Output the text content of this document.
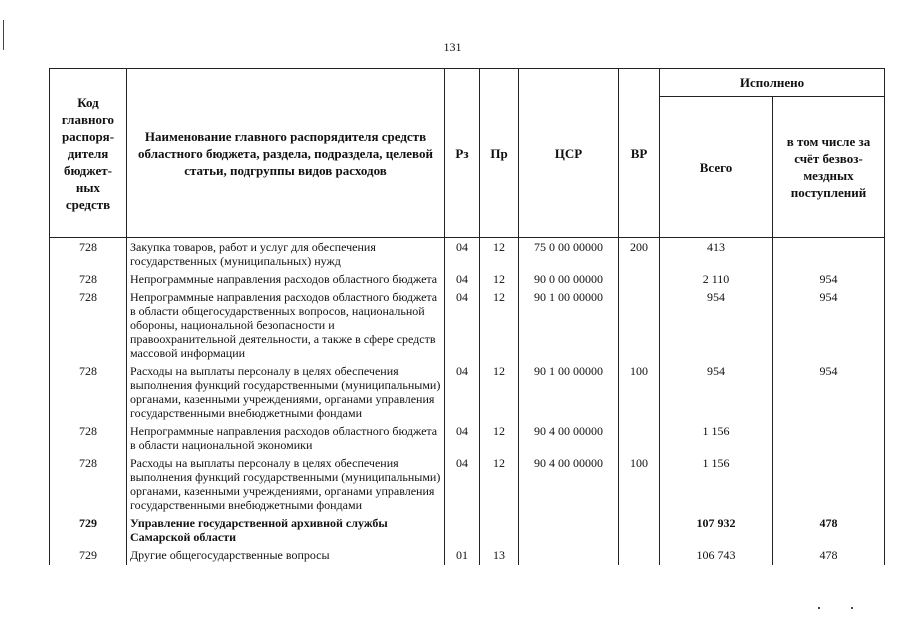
131
Код главного распоря-дителя бюджет-ных средств	Наименование главного распорядителя средств областного бюджета, раздела, подраздела, целевой статьи, подгруппы видов расходов	Рз	Пр	ЦСР	ВР	Исполнено	
						Всего	в том числе за счёт безвоз-мездных поступлений
728	Закупка товаров, работ и услуг для обеспечения государственных (муниципальных) нужд	04	12	75 0 00 00000	200	413	
728	Непрограммные направления расходов областного бюджета	04	12	90 0 00 00000		2 110	954
728	Непрограммные направления расходов областного бюджета в области общегосударственных вопросов, национальной обороны, национальной безопасности и правоохранительной деятельности, а также в сфере средств массовой информации	04	12	90 1 00 00000		954	954
728	Расходы на выплаты персоналу в целях обеспечения выполнения функций государственными (муниципальными) органами, казенными учреждениями, органами управления государственными внебюджетными фондами	04	12	90 1 00 00000	100	954	954
728	Непрограммные направления расходов областного бюджета в области национальной экономики	04	12	90 4 00 00000		1 156	
728	Расходы на выплаты персоналу в целях обеспечения выполнения функций государственными (муниципальными) органами, казенными учреждениями, органами управления государственными внебюджетными фондами	04	12	90 4 00 00000	100	1 156	
729	Управление государственной архивной службы Самарской области					107 932	478
729	Другие общегосударственные вопросы	01	13			106 743	478
